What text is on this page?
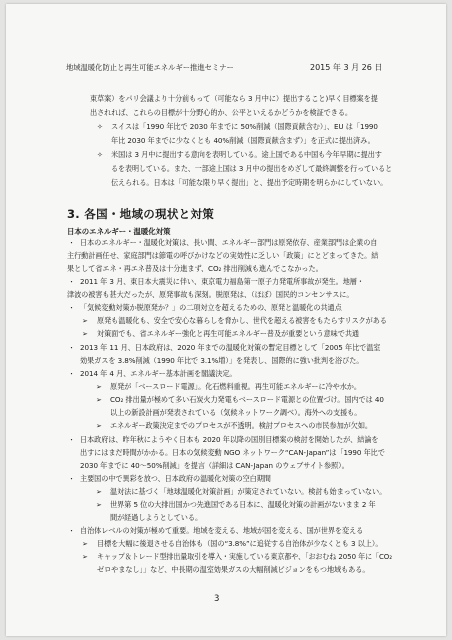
地域温暖化防止と再生可能エネルギー推進セミナー	2015 年 3 月 26 日
東草案）をパリ会議より十分前もって（可能なら 3 月中に）提出すること)早く目標案を提
出されれば、これらの目標が十分野心的か、公平といえるかどうかを検証できる。
✧ スイスは「1990 年比で 2030 年までに 50%削減（国際貢献含む）」、EU は「1990
年比 2030 年までに少なくとも 40%削減（国際貢献含まず）」を正式に提出済み。
✧ 米国は 3 月中に提出する意向を表明している。途上国である中国も今年早期に提出す
るを表明している。また、一部途上国は 3 月中の提出をめざして最終調整を行っていると
伝えられる。日本は「可能な限り早く提出」と、提出予定時期を明らかにしていない。
3. 各国・地域の現状と対策
日本のエネルギー・温暖化対策
・ 日本のエネルギー・温暖化対策は、長い間、エネルギー部門は原発依存、産業部門は企業の自
主行動計画任せ、家庭部門は節電の呼びかけなどの実効性に乏しい「政策」にとどまってきた。結
果として省エネ・再エネ普及は十分進まず、CO₂ 排出削減も進んでこなかった。
・ 2011 年 3 月、東日本大震災に伴い、東京電力福島第一原子力発電所事故が発生。地層・
津波の被害も甚大だったが、原発事故も深刻。脱原発は、（ほぼ）国民的コンセンサスに。
・ 「気候変動対策か脱原発か？」の二項対立を超えるための、原発と温暖化の共通点
➢ 原発も温暖化も、安全で安心な暮らしを脅かし、世代を超える被害をもたらすリスクがある
➢ 対策面でも、省エネルギー強化と再生可能エネルギー普及が重要という意味で共通
・ 2013 年 11 月、日本政府は、2020 年までの温暖化対策の暫定目標として「2005 年比で温室
効果ガスを 3.8%削減（1990 年比で 3.1%増）」を発表し、国際的に強い批判を浴びた。
・ 2014 年 4 月、エネルギー基本計画を閣議決定。
➢ 原発が「ベースロード電源」。化石燃料重視。再生可能エネルギーに冷や水か。
➢ CO₂ 排出量が極めて多い石炭火力発電もベースロード電源との位置づけ。国内では 40
以上の新設計画が発表されている（気候ネットワーク調べ）。海外への支援も。
➢ エネルギー政策決定までのプロセスが不透明。検討プロセスへの市民参加が欠如。
・ 日本政府は、昨年秋にようやく日本も 2020 年以降の国別目標案の検討を開始したが、結論を
出すにはまだ時間がかかる。日本の気候変動 NGO ネットワーク“CAN-Japan”は「1990 年比で
2030 年までに 40～50%削減」を提言（詳細は CAN-Japan のウェブサイト参照）。
・ 主要国の中で異彩を放つ、日本政府の温暖化対策の空白期間
➢ 温対法に基づく「地球温暖化対策計画」が策定されていない。検討も始まっていない。
➢ 世界第 5 位の大排出国かつ先進国である日本に、温暖化対策の計画がないまま 2 年
間が経過しようとしている。
・ 自治体レベルの対策が極めて重要。地域を変える、地域が国を変える、国が世界を変える
➢ 目標を大幅に後退させる自治体も（国の“3.8%”に追従する自治体が少なくとも 3 以上）。
➢ キャップ＆トレード型排出量取引を導入・実施している東京都や、「おおむね 2050 年に「CO₂
ゼロやまなし」」など、中長期の温室効果ガスの大幅削減ビジョンをもつ地域もある。
3
